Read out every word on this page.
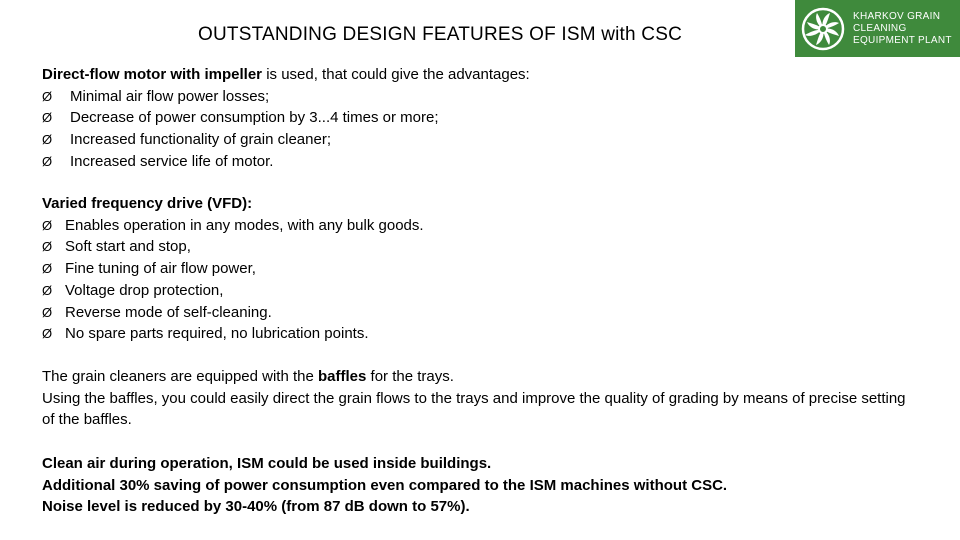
OUTSTANDING DESIGN FEATURES OF ISM with CSC
KHARKOV GRAIN
CLEANING
EQUIPMENT PLANT
Direct-flow motor with impeller is used, that could give the advantages:
Ø Minimal air flow power losses;
Ø Decrease of power consumption by 3...4 times or more;
Ø Increased functionality of grain cleaner;
Ø Increased service life of motor.
Varied frequency drive (VFD):
Ø Enables operation in any modes, with any bulk goods.
Ø Soft start and stop,
Ø Fine tuning of air flow power,
Ø Voltage drop protection,
Ø Reverse mode of self-cleaning.
Ø No spare parts required, no lubrication points.
The grain cleaners are equipped with the baffles for the trays.
Using the baffles, you could easily direct the grain flows to the trays and improve the quality of grading by means of precise setting of the baffles.
Clean air during operation, ISM could be used inside buildings.
Additional 30% saving of power consumption even compared to the ISM machines without CSC.
Noise level is reduced by 30-40% (from 87 dB down to 57%).
